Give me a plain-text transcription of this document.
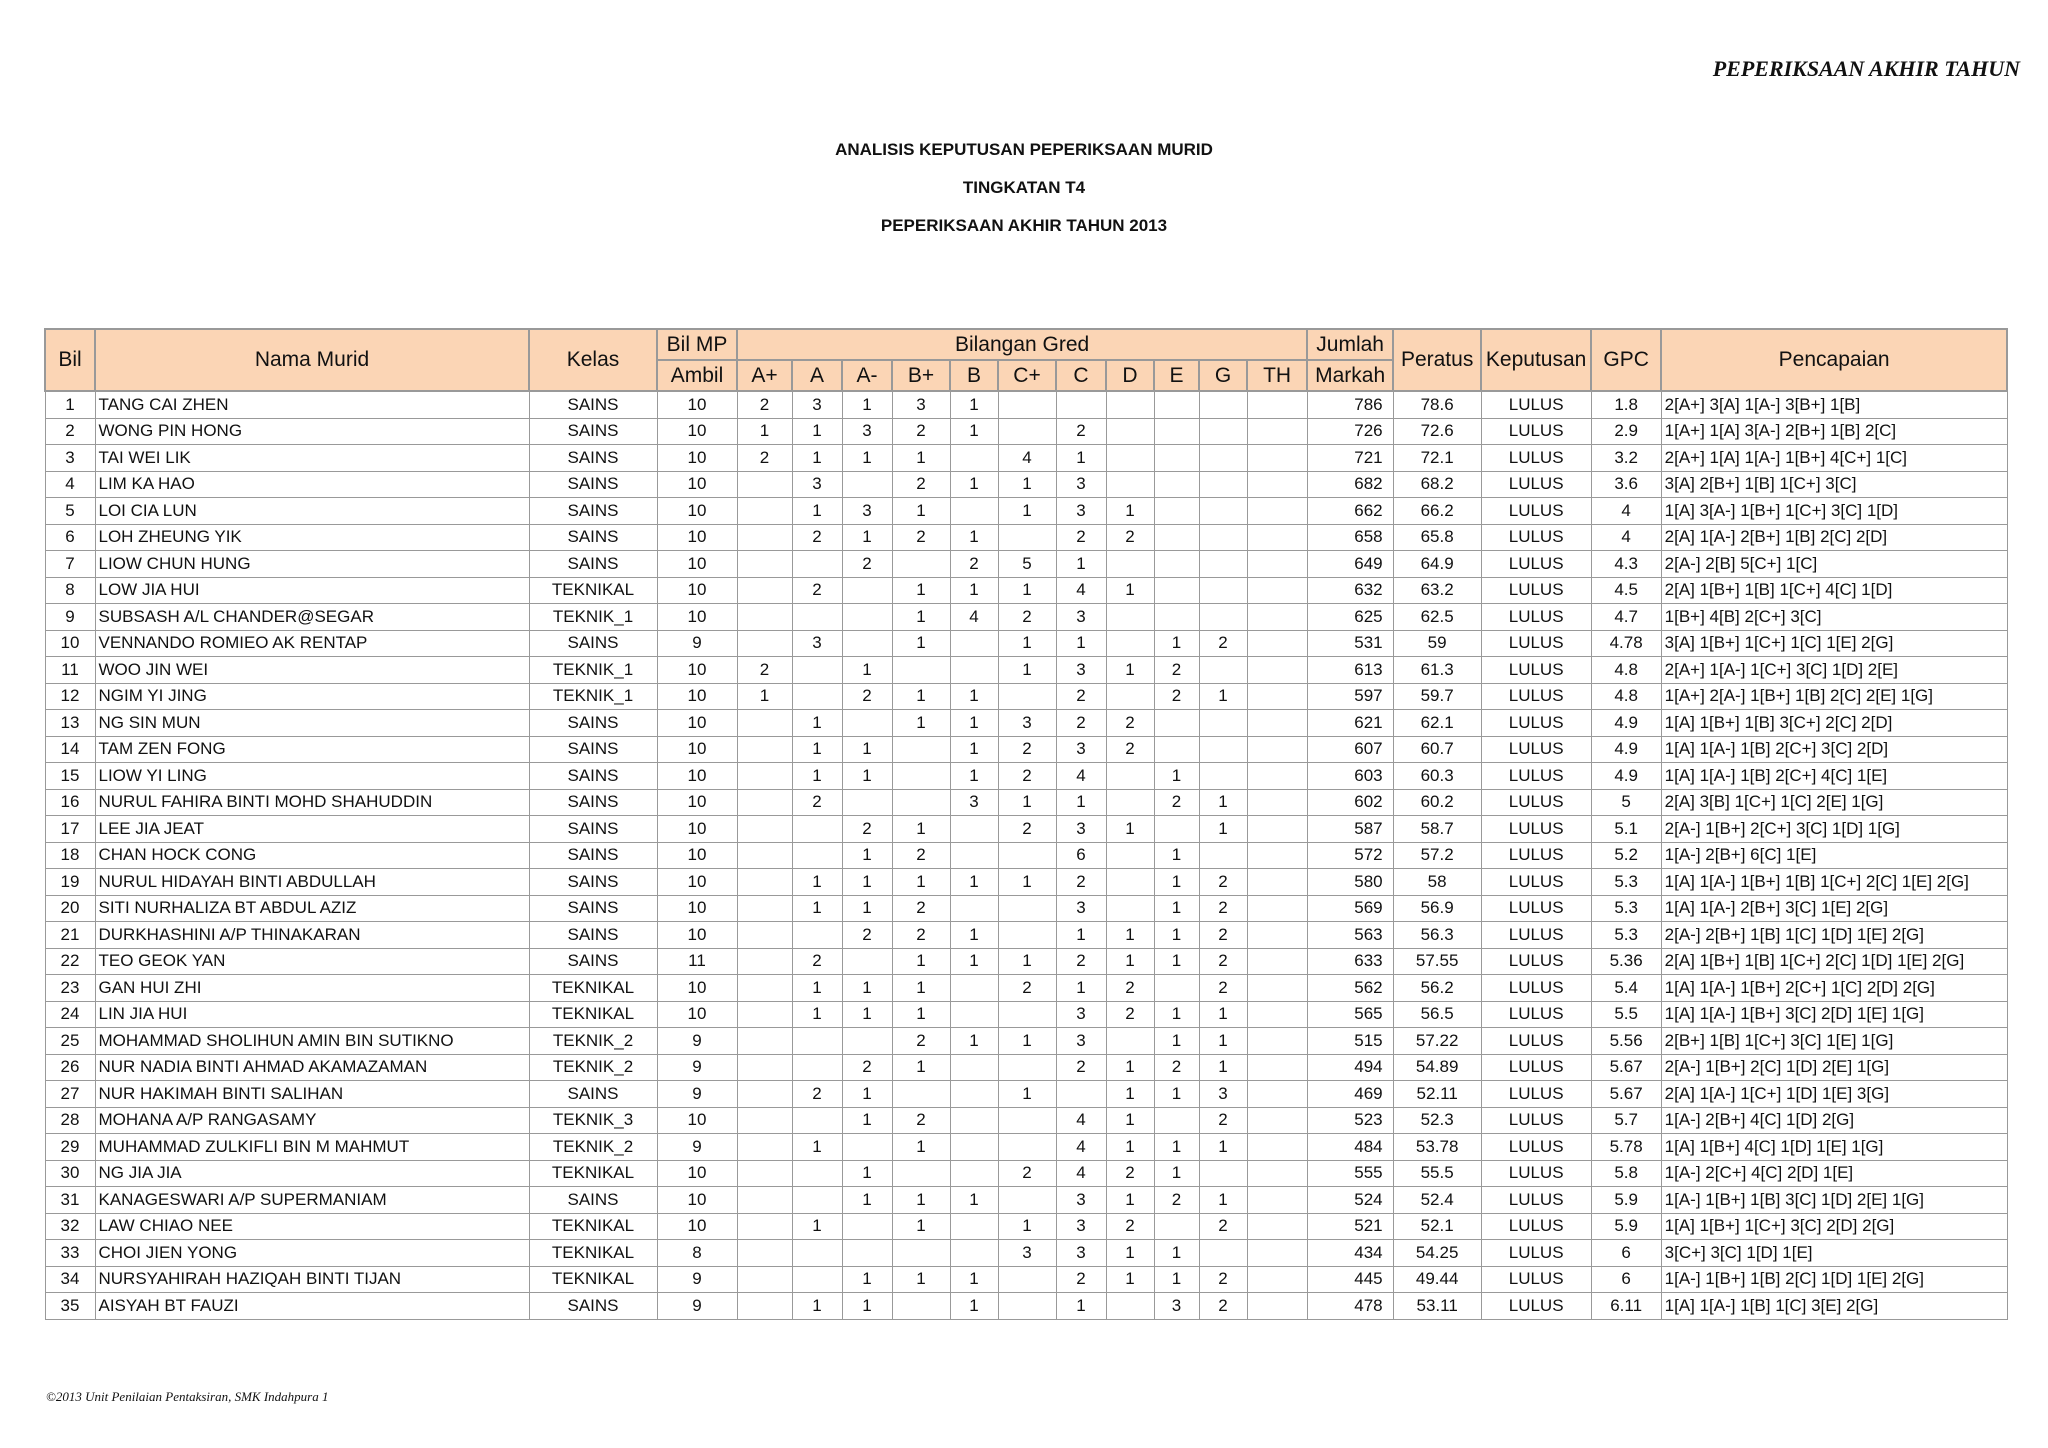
PEPERIKSAAN AKHIR TAHUN
ANALISIS KEPUTUSAN PEPERIKSAAN MURID
TINGKATAN T4
PEPERIKSAAN AKHIR TAHUN 2013
Bil	Nama Murid	Kelas	Bil MP	Bilangan Gred											Jumlah	Peratus	Keputusan	GPC	Pencapaian
			Ambil	A+	A	A-	B+	B	C+	C	D	E	G	TH	Markah				
1	TANG CAI ZHEN	SAINS	10	2	3	1	3	1							786	78.6	LULUS	1.8	2[A+] 3[A] 1[A-] 3[B+] 1[B]
2	WONG PIN HONG	SAINS	10	1	1	3	2	1		2					726	72.6	LULUS	2.9	1[A+] 1[A] 3[A-] 2[B+] 1[B] 2[C]
3	TAI WEI LIK	SAINS	10	2	1	1	1		4	1					721	72.1	LULUS	3.2	2[A+] 1[A] 1[A-] 1[B+] 4[C+] 1[C]
4	LIM KA HAO	SAINS	10		3		2	1	1	3					682	68.2	LULUS	3.6	3[A] 2[B+] 1[B] 1[C+] 3[C]
5	LOI CIA LUN	SAINS	10		1	3	1		1	3	1				662	66.2	LULUS	4	1[A] 3[A-] 1[B+] 1[C+] 3[C] 1[D]
6	LOH ZHEUNG YIK	SAINS	10		2	1	2	1		2	2				658	65.8	LULUS	4	2[A] 1[A-] 2[B+] 1[B] 2[C] 2[D]
7	LIOW CHUN HUNG	SAINS	10			2		2	5	1					649	64.9	LULUS	4.3	2[A-] 2[B] 5[C+] 1[C]
8	LOW JIA HUI	TEKNIKAL	10		2		1	1	1	4	1				632	63.2	LULUS	4.5	2[A] 1[B+] 1[B] 1[C+] 4[C] 1[D]
9	SUBSASH A/L CHANDER@SEGAR	TEKNIK_1	10				1	4	2	3					625	62.5	LULUS	4.7	1[B+] 4[B] 2[C+] 3[C]
10	VENNANDO ROMIEO AK RENTAP	SAINS	9		3		1		1	1		1	2		531	59	LULUS	4.78	3[A] 1[B+] 1[C+] 1[C] 1[E] 2[G]
11	WOO JIN WEI	TEKNIK_1	10	2		1			1	3	1	2			613	61.3	LULUS	4.8	2[A+] 1[A-] 1[C+] 3[C] 1[D] 2[E]
12	NGIM YI JING	TEKNIK_1	10	1		2	1	1		2		2	1		597	59.7	LULUS	4.8	1[A+] 2[A-] 1[B+] 1[B] 2[C] 2[E] 1[G]
13	NG SIN MUN	SAINS	10		1		1	1	3	2	2				621	62.1	LULUS	4.9	1[A] 1[B+] 1[B] 3[C+] 2[C] 2[D]
14	TAM ZEN FONG	SAINS	10		1	1		1	2	3	2				607	60.7	LULUS	4.9	1[A] 1[A-] 1[B] 2[C+] 3[C] 2[D]
15	LIOW YI LING	SAINS	10		1	1		1	2	4		1			603	60.3	LULUS	4.9	1[A] 1[A-] 1[B] 2[C+] 4[C] 1[E]
16	NURUL FAHIRA BINTI MOHD SHAHUDDIN	SAINS	10		2			3	1	1		2	1		602	60.2	LULUS	5	2[A] 3[B] 1[C+] 1[C] 2[E] 1[G]
17	LEE JIA JEAT	SAINS	10			2	1		2	3	1		1		587	58.7	LULUS	5.1	2[A-] 1[B+] 2[C+] 3[C] 1[D] 1[G]
18	CHAN HOCK CONG	SAINS	10			1	2			6		1			572	57.2	LULUS	5.2	1[A-] 2[B+] 6[C] 1[E]
19	NURUL HIDAYAH BINTI ABDULLAH	SAINS	10		1	1	1	1	1	2		1	2		580	58	LULUS	5.3	1[A] 1[A-] 1[B+] 1[B] 1[C+] 2[C] 1[E] 2[G]
20	SITI NURHALIZA BT ABDUL AZIZ	SAINS	10		1	1	2			3		1	2		569	56.9	LULUS	5.3	1[A] 1[A-] 2[B+] 3[C] 1[E] 2[G]
21	DURKHASHINI A/P THINAKARAN	SAINS	10			2	2	1		1	1	1	2		563	56.3	LULUS	5.3	2[A-] 2[B+] 1[B] 1[C] 1[D] 1[E] 2[G]
22	TEO GEOK YAN	SAINS	11		2		1	1	1	2	1	1	2		633	57.55	LULUS	5.36	2[A] 1[B+] 1[B] 1[C+] 2[C] 1[D] 1[E] 2[G]
23	GAN HUI ZHI	TEKNIKAL	10		1	1	1		2	1	2		2		562	56.2	LULUS	5.4	1[A] 1[A-] 1[B+] 2[C+] 1[C] 2[D] 2[G]
24	LIN JIA HUI	TEKNIKAL	10		1	1	1			3	2	1	1		565	56.5	LULUS	5.5	1[A] 1[A-] 1[B+] 3[C] 2[D] 1[E] 1[G]
25	MOHAMMAD SHOLIHUN AMIN BIN SUTIKNO	TEKNIK_2	9				2	1	1	3		1	1		515	57.22	LULUS	5.56	2[B+] 1[B] 1[C+] 3[C] 1[E] 1[G]
26	NUR NADIA BINTI AHMAD AKAMAZAMAN	TEKNIK_2	9			2	1			2	1	2	1		494	54.89	LULUS	5.67	2[A-] 1[B+] 2[C] 1[D] 2[E] 1[G]
27	NUR HAKIMAH BINTI SALIHAN	SAINS	9		2	1			1		1	1	3		469	52.11	LULUS	5.67	2[A] 1[A-] 1[C+] 1[D] 1[E] 3[G]
28	MOHANA A/P RANGASAMY	TEKNIK_3	10			1	2			4	1		2		523	52.3	LULUS	5.7	1[A-] 2[B+] 4[C] 1[D] 2[G]
29	MUHAMMAD ZULKIFLI BIN M MAHMUT	TEKNIK_2	9		1		1			4	1	1	1		484	53.78	LULUS	5.78	1[A] 1[B+] 4[C] 1[D] 1[E] 1[G]
30	NG JIA JIA	TEKNIKAL	10			1			2	4	2	1			555	55.5	LULUS	5.8	1[A-] 2[C+] 4[C] 2[D] 1[E]
31	KANAGESWARI A/P SUPERMANIAM	SAINS	10			1	1	1		3	1	2	1		524	52.4	LULUS	5.9	1[A-] 1[B+] 1[B] 3[C] 1[D] 2[E] 1[G]
32	LAW CHIAO NEE	TEKNIKAL	10		1		1		1	3	2		2		521	52.1	LULUS	5.9	1[A] 1[B+] 1[C+] 3[C] 2[D] 2[G]
33	CHOI JIEN YONG	TEKNIKAL	8						3	3	1	1			434	54.25	LULUS	6	3[C+] 3[C] 1[D] 1[E]
34	NURSYAHIRAH HAZIQAH BINTI TIJAN	TEKNIKAL	9			1	1	1		2	1	1	2		445	49.44	LULUS	6	1[A-] 1[B+] 1[B] 2[C] 1[D] 1[E] 2[G]
35	AISYAH BT FAUZI	SAINS	9		1	1		1		1		3	2		478	53.11	LULUS	6.11	1[A] 1[A-] 1[B] 1[C] 3[E] 2[G]
©2013 Unit Penilaian Pentaksiran, SMK Indahpura 1
